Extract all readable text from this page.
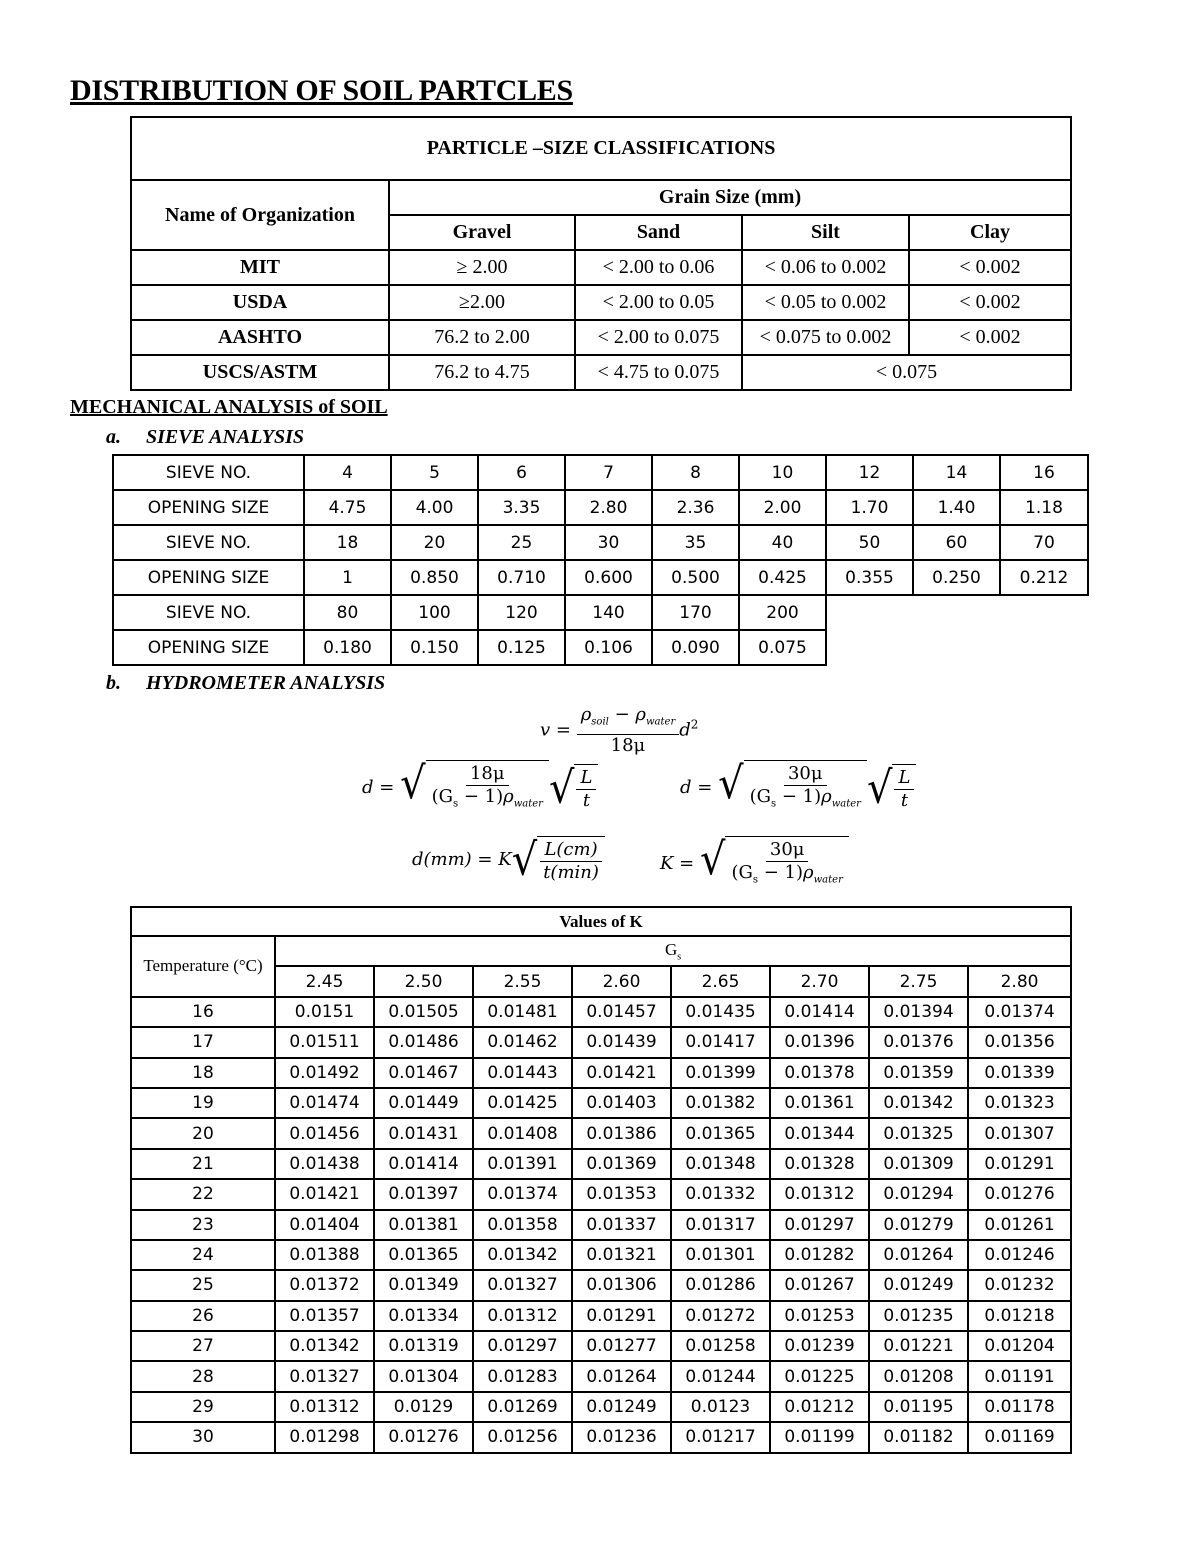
DISTRIBUTION OF SOIL PARTCLES
PARTICLE –SIZE CLASSIFICATIONS				
Name of Organization	Grain Size (mm)			
	Gravel	Sand	Silt	Clay
MIT	≥ 2.00	< 2.00 to 0.06	< 0.06 to 0.002	< 0.002
USDA	≥2.00	< 2.00 to 0.05	< 0.05 to 0.002	< 0.002
AASHTO	76.2 to 2.00	< 2.00 to 0.075	< 0.075 to 0.002	< 0.002
USCS/ASTM	76.2 to 4.75	< 4.75 to 0.075	< 0.075	
MECHANICAL ANALYSIS of SOIL
a. SIEVE ANALYSIS
SIEVE NO.	4	5	6	7	8	10	12	14	16
OPENING SIZE	4.75	4.00	3.35	2.80	2.36	2.00	1.70	1.40	1.18
SIEVE NO.	18	20	25	30	35	40	50	60	70
OPENING SIZE	1	0.850	0.710	0.600	0.500	0.425	0.355	0.250	0.212
SIEVE NO.	80	100	120	140	170	200			
OPENING SIZE	0.180	0.150	0.125	0.106	0.090	0.075			
b. HYDROMETER ANALYSIS
$v = \frac{\rho_{soil} - \rho_{water}}{18\mu} d^2$
d = √ $\frac{18\mu}{(G_s - 1)\rho_{water}}$ √ $\frac{L}{t}$	d = √ $\frac{30\mu}{(G_s - 1)\rho_{water}}$ √ $\frac{L}{t}$
d(mm) = K √ $\frac{L(cm)}{t(\min)}$	K = √ $\frac{30\mu}{(G_s - 1)\rho_{water}}$
Values of K								
Temperature (°C)	$G_s$
	2.45	2.50	2.55	2.60	2.65	2.70	2.75	2.80
16	0.0151	0.01505	0.01481	0.01457	0.01435	0.01414	0.01394	0.01374
17	0.01511	0.01486	0.01462	0.01439	0.01417	0.01396	0.01376	0.01356
18	0.01492	0.01467	0.01443	0.01421	0.01399	0.01378	0.01359	0.01339
19	0.01474	0.01449	0.01425	0.01403	0.01382	0.01361	0.01342	0.01323
20	0.01456	0.01431	0.01408	0.01386	0.01365	0.01344	0.01325	0.01307
21	0.01438	0.01414	0.01391	0.01369	0.01348	0.01328	0.01309	0.01291
22	0.01421	0.01397	0.01374	0.01353	0.01332	0.01312	0.01294	0.01276
23	0.01404	0.01381	0.01358	0.01337	0.01317	0.01297	0.01279	0.01261
24	0.01388	0.01365	0.01342	0.01321	0.01301	0.01282	0.01264	0.01246
25	0.01372	0.01349	0.01327	0.01306	0.01286	0.01267	0.01249	0.01232
26	0.01357	0.01334	0.01312	0.01291	0.01272	0.01253	0.01235	0.01218
27	0.01342	0.01319	0.01297	0.01277	0.01258	0.01239	0.01221	0.01204
28	0.01327	0.01304	0.01283	0.01264	0.01244	0.01225	0.01208	0.01191
29	0.01312	0.0129	0.01269	0.01249	0.0123	0.01212	0.01195	0.01178
30	0.01298	0.01276	0.01256	0.01236	0.01217	0.01199	0.01182	0.01169
